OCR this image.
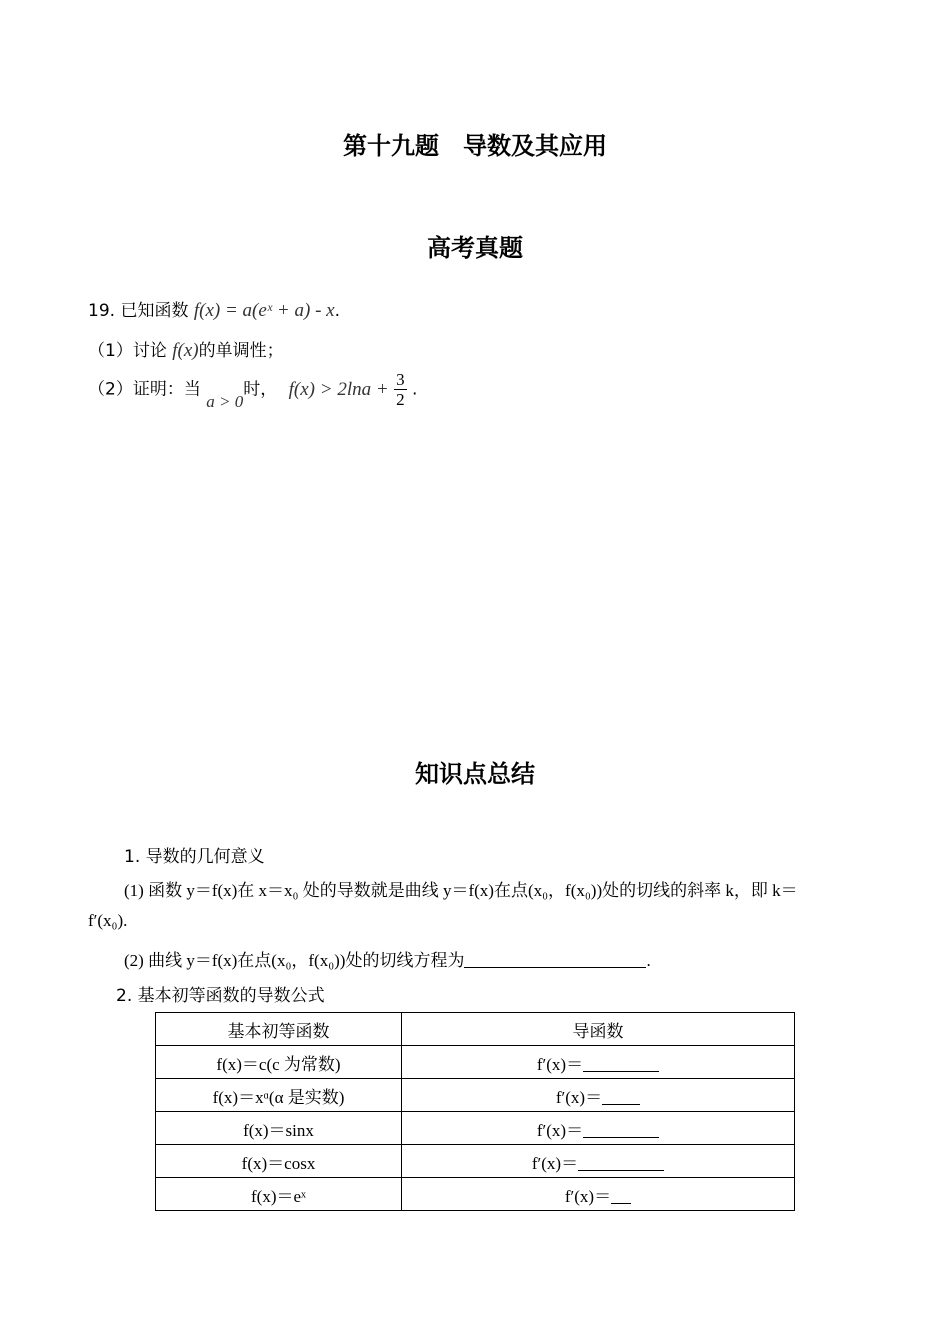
第十九题　导数及其应用
高考真题
19. 已知函数 f(x) = a(eˣ + a) - x.
（1）讨论 f(x)的单调性；
（2）证明：当 a > 0时， $f(x) > 2\ln a + \frac{3}{2}$ .
知识点总结
1. 导数的几何意义
(1) 函数 y＝f(x)在 x＝x₀ 处的导数就是曲线 y＝f(x)在点(x₀，f(x₀))处的切线的斜率 k，即 k＝
f′(x₀).
(2) 曲线 y＝f(x)在点(x₀，f(x₀))处的切线方程为	.
2. 基本初等函数的导数公式
基本初等函数	导函数
f(x)＝c(c 为常数)	f′(x)＝
f(x)＝xᵅ(α 是实数)	f′(x)＝
f(x)＝sinx	f′(x)＝
f(x)＝cosx	f′(x)＝
f(x)＝eˣ	f′(x)＝
